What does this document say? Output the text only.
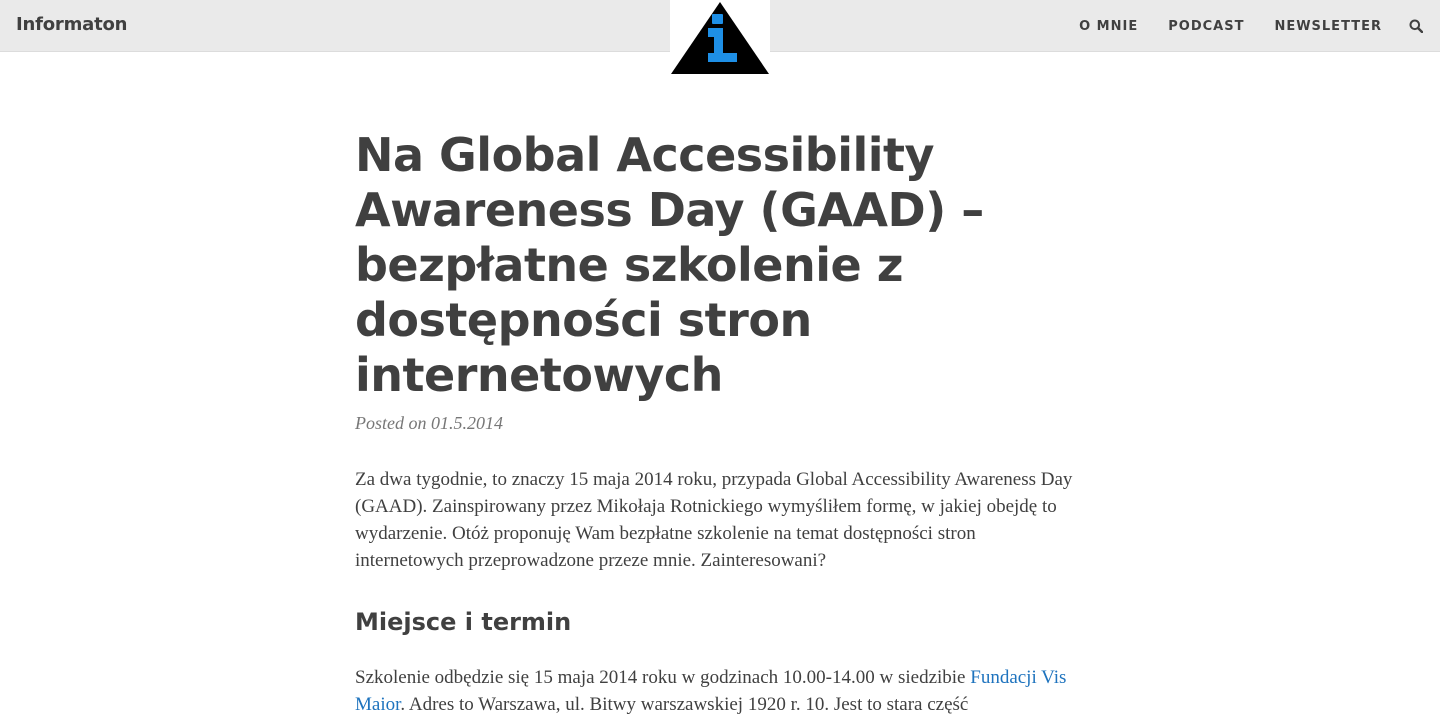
Informaton	O MNIE PODCAST NEWSLETTER
Na Global Accessibility Awareness Day (GAAD) – bezpłatne szkolenie z dostępności stron internetowych
Posted on 01.5.2014

Za dwa tygodnie, to znaczy 15 maja 2014 roku, przypada Global Accessibility Awareness Day (GAAD). Zainspirowany przez Mikołaja Rotnickiego wymyśliłem formę, w jakiej obejdę to wydarzenie. Otóż proponuję Wam bezpłatne szkolenie na temat dostępności stron internetowych przeprowadzone przeze mnie. Zainteresowani?

Miejsce i termin

Szkolenie odbędzie się 15 maja 2014 roku w godzinach 10.00-14.00 w siedzibie Fundacji Vis Maior. Adres to Warszawa, ul. Bitwy warszawskiej 1920 r. 10. Jest to stara część
